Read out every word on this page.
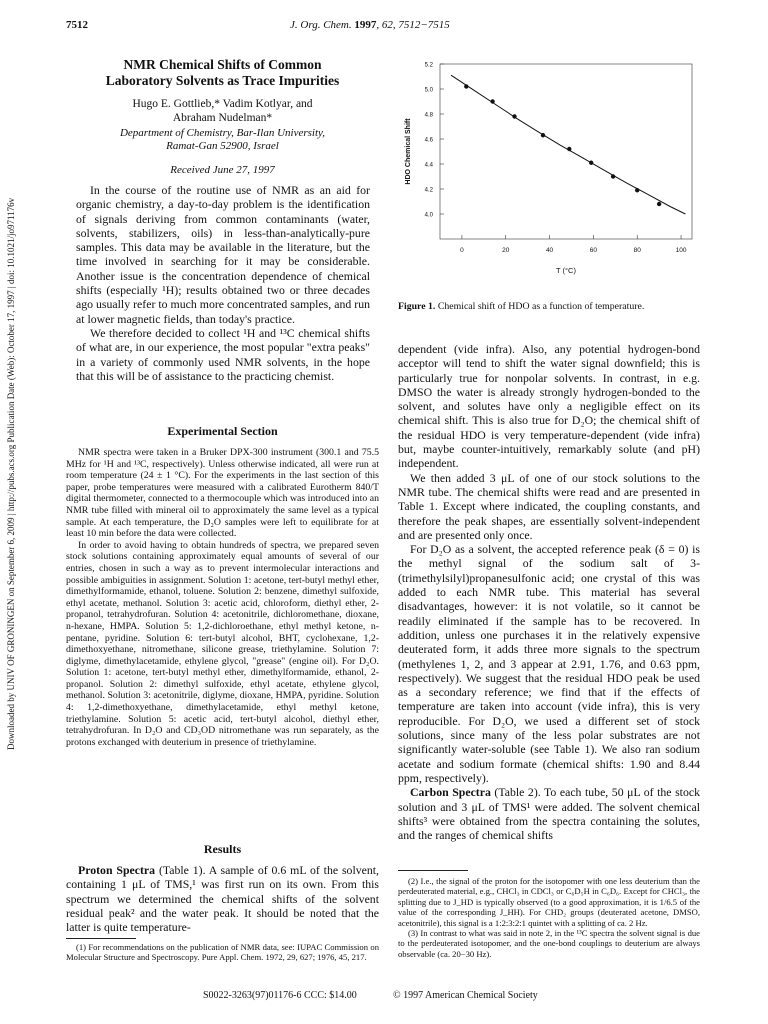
7512	J. Org. Chem. 1997, 62, 7512−7515
Downloaded by UNIV OF GRONINGEN on September 6, 2009 | http://pubs.acs.org Publication Date (Web): October 17, 1997 | doi: 10.1021/jo971176v
NMR Chemical Shifts of Common
Laboratory Solvents as Trace Impurities
Hugo E. Gottlieb,* Vadim Kotlyar, and
Abraham Nudelman*
Department of Chemistry, Bar-Ilan University,
Ramat-Gan 52900, Israel
Received June 27, 1997

In the course of the routine use of NMR as an aid for organic chemistry, a day-to-day problem is the identification of signals deriving from common contaminants (water, solvents, stabilizers, oils) in less-than-analytically-pure samples. This data may be available in the literature, but the time involved in searching for it may be considerable. Another issue is the concentration dependence of chemical shifts (especially ¹H); results obtained two or three decades ago usually refer to much more concentrated samples, and run at lower magnetic fields, than today's practice.

We therefore decided to collect ¹H and ¹³C chemical shifts of what are, in our experience, the most popular "extra peaks" in a variety of commonly used NMR solvents, in the hope that this will be of assistance to the practicing chemist.

Experimental Section

NMR spectra were taken in a Bruker DPX-300 instrument (300.1 and 75.5 MHz for ¹H and ¹³C, respectively). Unless otherwise indicated, all were run at room temperature (24 ± 1 °C). For the experiments in the last section of this paper, probe temperatures were measured with a calibrated Eurotherm 840/T digital thermometer, connected to a thermocouple which was introduced into an NMR tube filled with mineral oil to approximately the same level as a typical sample. At each temperature, the D₂O samples were left to equilibrate for at least 10 min before the data were collected.

In order to avoid having to obtain hundreds of spectra, we prepared seven stock solutions containing approximately equal amounts of several of our entries, chosen in such a way as to prevent intermolecular interactions and possible ambiguities in assignment. Solution 1: acetone, tert-butyl methyl ether, dimethylformamide, ethanol, toluene. Solution 2: benzene, dimethyl sulfoxide, ethyl acetate, methanol. Solution 3: acetic acid, chloroform, diethyl ether, 2-propanol, tetrahydrofuran. Solution 4: acetonitrile, dichloromethane, dioxane, n-hexane, HMPA. Solution 5: 1,2-dichloroethane, ethyl methyl ketone, n-pentane, pyridine. Solution 6: tert-butyl alcohol, BHT, cyclohexane, 1,2-dimethoxyethane, nitromethane, silicone grease, triethylamine. Solution 7: diglyme, dimethylacetamide, ethylene glycol, "grease" (engine oil). For D₂O. Solution 1: acetone, tert-butyl methyl ether, dimethylformamide, ethanol, 2-propanol. Solution 2: dimethyl sulfoxide, ethyl acetate, ethylene glycol, methanol. Solution 3: acetonitrile, diglyme, dioxane, HMPA, pyridine. Solution 4: 1,2-dimethoxyethane, dimethylacetamide, ethyl methyl ketone, triethylamine. Solution 5: acetic acid, tert-butyl alcohol, diethyl ether, tetrahydrofuran. In D₂O and CD₃OD nitromethane was run separately, as the protons exchanged with deuterium in presence of triethylamine.

Results

Proton Spectra (Table 1). A sample of 0.6 mL of the solvent, containing 1 μL of TMS,¹ was first run on its own. From this spectrum we determined the chemical shifts of the solvent residual peak² and the water peak. It should be noted that the latter is quite temperature-

(1) For recommendations on the publication of NMR data, see: IUPAC Commission on Molecular Structure and Spectroscopy. Pure Appl. Chem. 1972, 29, 627; 1976, 45, 217.

4.0
4.2
4.4
4.6
4.8
5.0
5.2
0	20	40	60	80	100
T (°C)
HDO Chemical Shift
Figure 1. Chemical shift of HDO as a function of temperature.

dependent (vide infra). Also, any potential hydrogen-bond acceptor will tend to shift the water signal downfield; this is particularly true for nonpolar solvents. In contrast, in e.g. DMSO the water is already strongly hydrogen-bonded to the solvent, and solutes have only a negligible effect on its chemical shift. This is also true for D₂O; the chemical shift of the residual HDO is very temperature-dependent (vide infra) but, maybe counter-intuitively, remarkably solute (and pH) independent.

We then added 3 μL of one of our stock solutions to the NMR tube. The chemical shifts were read and are presented in Table 1. Except where indicated, the coupling constants, and therefore the peak shapes, are essentially solvent-independent and are presented only once.

For D₂O as a solvent, the accepted reference peak (δ = 0) is the methyl signal of the sodium salt of 3-(trimethylsilyl)propanesulfonic acid; one crystal of this was added to each NMR tube. This material has several disadvantages, however: it is not volatile, so it cannot be readily eliminated if the sample has to be recovered. In addition, unless one purchases it in the relatively expensive deuterated form, it adds three more signals to the spectrum (methylenes 1, 2, and 3 appear at 2.91, 1.76, and 0.63 ppm, respectively). We suggest that the residual HDO peak be used as a secondary reference; we find that if the effects of temperature are taken into account (vide infra), this is very reproducible. For D₂O, we used a different set of stock solutions, since many of the less polar substrates are not significantly water-soluble (see Table 1). We also ran sodium acetate and sodium formate (chemical shifts: 1.90 and 8.44 ppm, respectively).

Carbon Spectra (Table 2). To each tube, 50 μL of the stock solution and 3 μL of TMS¹ were added. The solvent chemical shifts³ were obtained from the spectra containing the solutes, and the ranges of chemical shifts

(2) I.e., the signal of the proton for the isotopomer with one less deuterium than the perdeuterated material, e.g., CHCl₃ in CDCl₃ or C₆D₅H in C₆D₆. Except for CHCl₃, the splitting due to J_HD is typically observed (to a good approximation, it is 1/6.5 of the value of the corresponding J_HH). For CHD₂ groups (deuterated acetone, DMSO, acetonitrile), this signal is a 1:2:3:2:1 quintet with a splitting of ca. 2 Hz.

(3) In contrast to what was said in note 2, in the ¹³C spectra the solvent signal is due to the perdeuterated isotopomer, and the one-bond couplings to deuterium are always observable (ca. 20−30 Hz).

S0022-3263(97)01176-6 CCC: $14.00	© 1997 American Chemical Society
